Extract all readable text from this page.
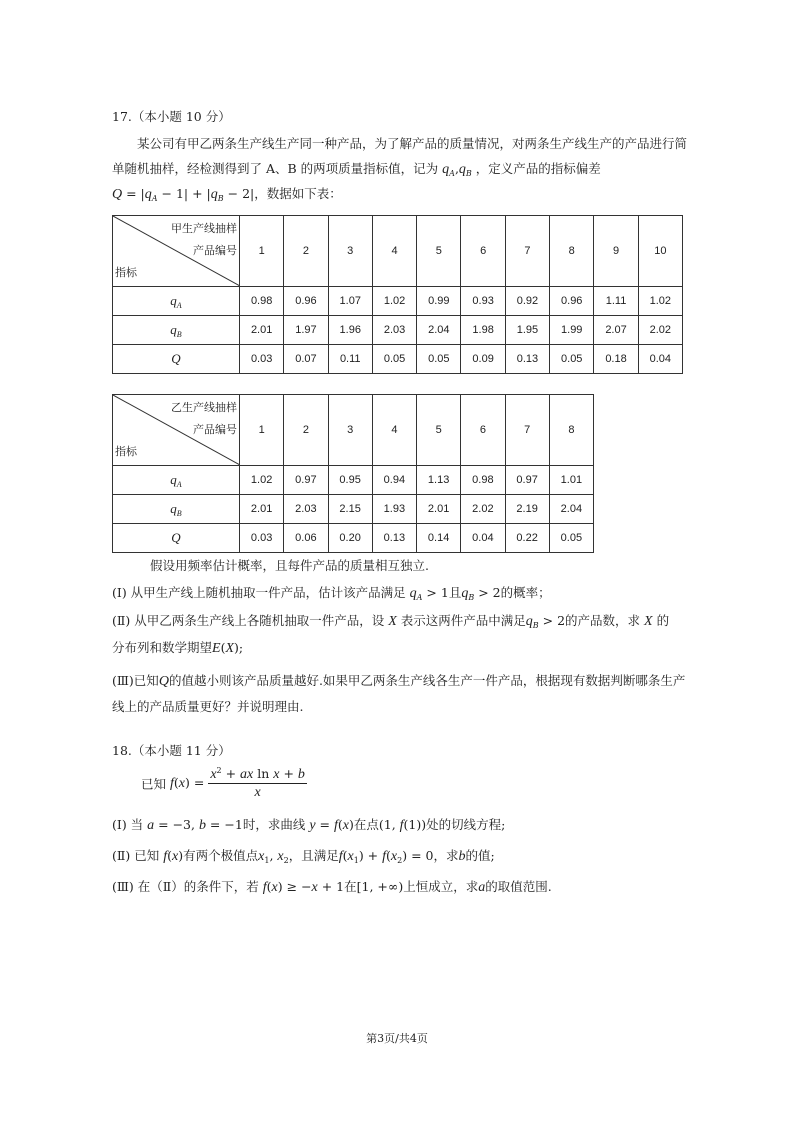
17.（本小题 10 分）
某公司有甲乙两条生产线生产同一种产品，为了解产品的质量情况，对两条生产线生产的产品进行简
单随机抽样，经检测得到了 A、B 的两项质量指标值，记为 $q_A,q_B$ ，定义产品的指标偏差
$Q = |q_A - 1| + |q_B - 2|$，数据如下表：
甲生产线抽样
产品编号
指标	1	2	3	4	5	6	7	8	9	10
$q_A$	0.98	0.96	1.07	1.02	0.99	0.93	0.92	0.96	1.11	1.02
$q_B$	2.01	1.97	1.96	2.03	2.04	1.98	1.95	1.99	2.07	2.02
Q	0.03	0.07	0.11	0.05	0.05	0.09	0.13	0.05	0.18	0.04
乙生产线抽样
产品编号
指标	1	2	3	4	5	6	7	8
$q_A$	1.02	0.97	0.95	0.94	1.13	0.98	0.97	1.01
$q_B$	2.01	2.03	2.15	1.93	2.01	2.02	2.19	2.04
Q	0.03	0.06	0.20	0.13	0.14	0.04	0.22	0.05
假设用频率估计概率，且每件产品的质量相互独立.
(Ⅰ) 从甲生产线上随机抽取一件产品，估计该产品满足 $q_A > 1$且$q_B > 2$的概率；
(Ⅱ) 从甲乙两条生产线上各随机抽取一件产品，设 X 表示这两件产品中满足$q_B > 2$的产品数，求 X 的
分布列和数学期望E(X);
(Ⅲ)已知Q的值越小则该产品质量越好.如果甲乙两条生产线各生产一件产品，根据现有数据判断哪条生产
线上的产品质量更好？并说明理由.
18.（本小题 11 分）
已知 $f(x) = \frac{x^2 + ax \ln x + b}{x}$
(Ⅰ) 当 a = −3, b = −1时，求曲线 y = f(x)在点(1, f(1))处的切线方程;
(Ⅱ) 已知 f(x)有两个极值点$x_1$, $x_2$，且满足$f(x_1) + f(x_2) = 0$，求b的值;
(Ⅲ) 在（Ⅱ）的条件下，若 f(x) ≥ −x + 1在[1, +∞)上恒成立，求a的取值范围.
第3页/共4页
